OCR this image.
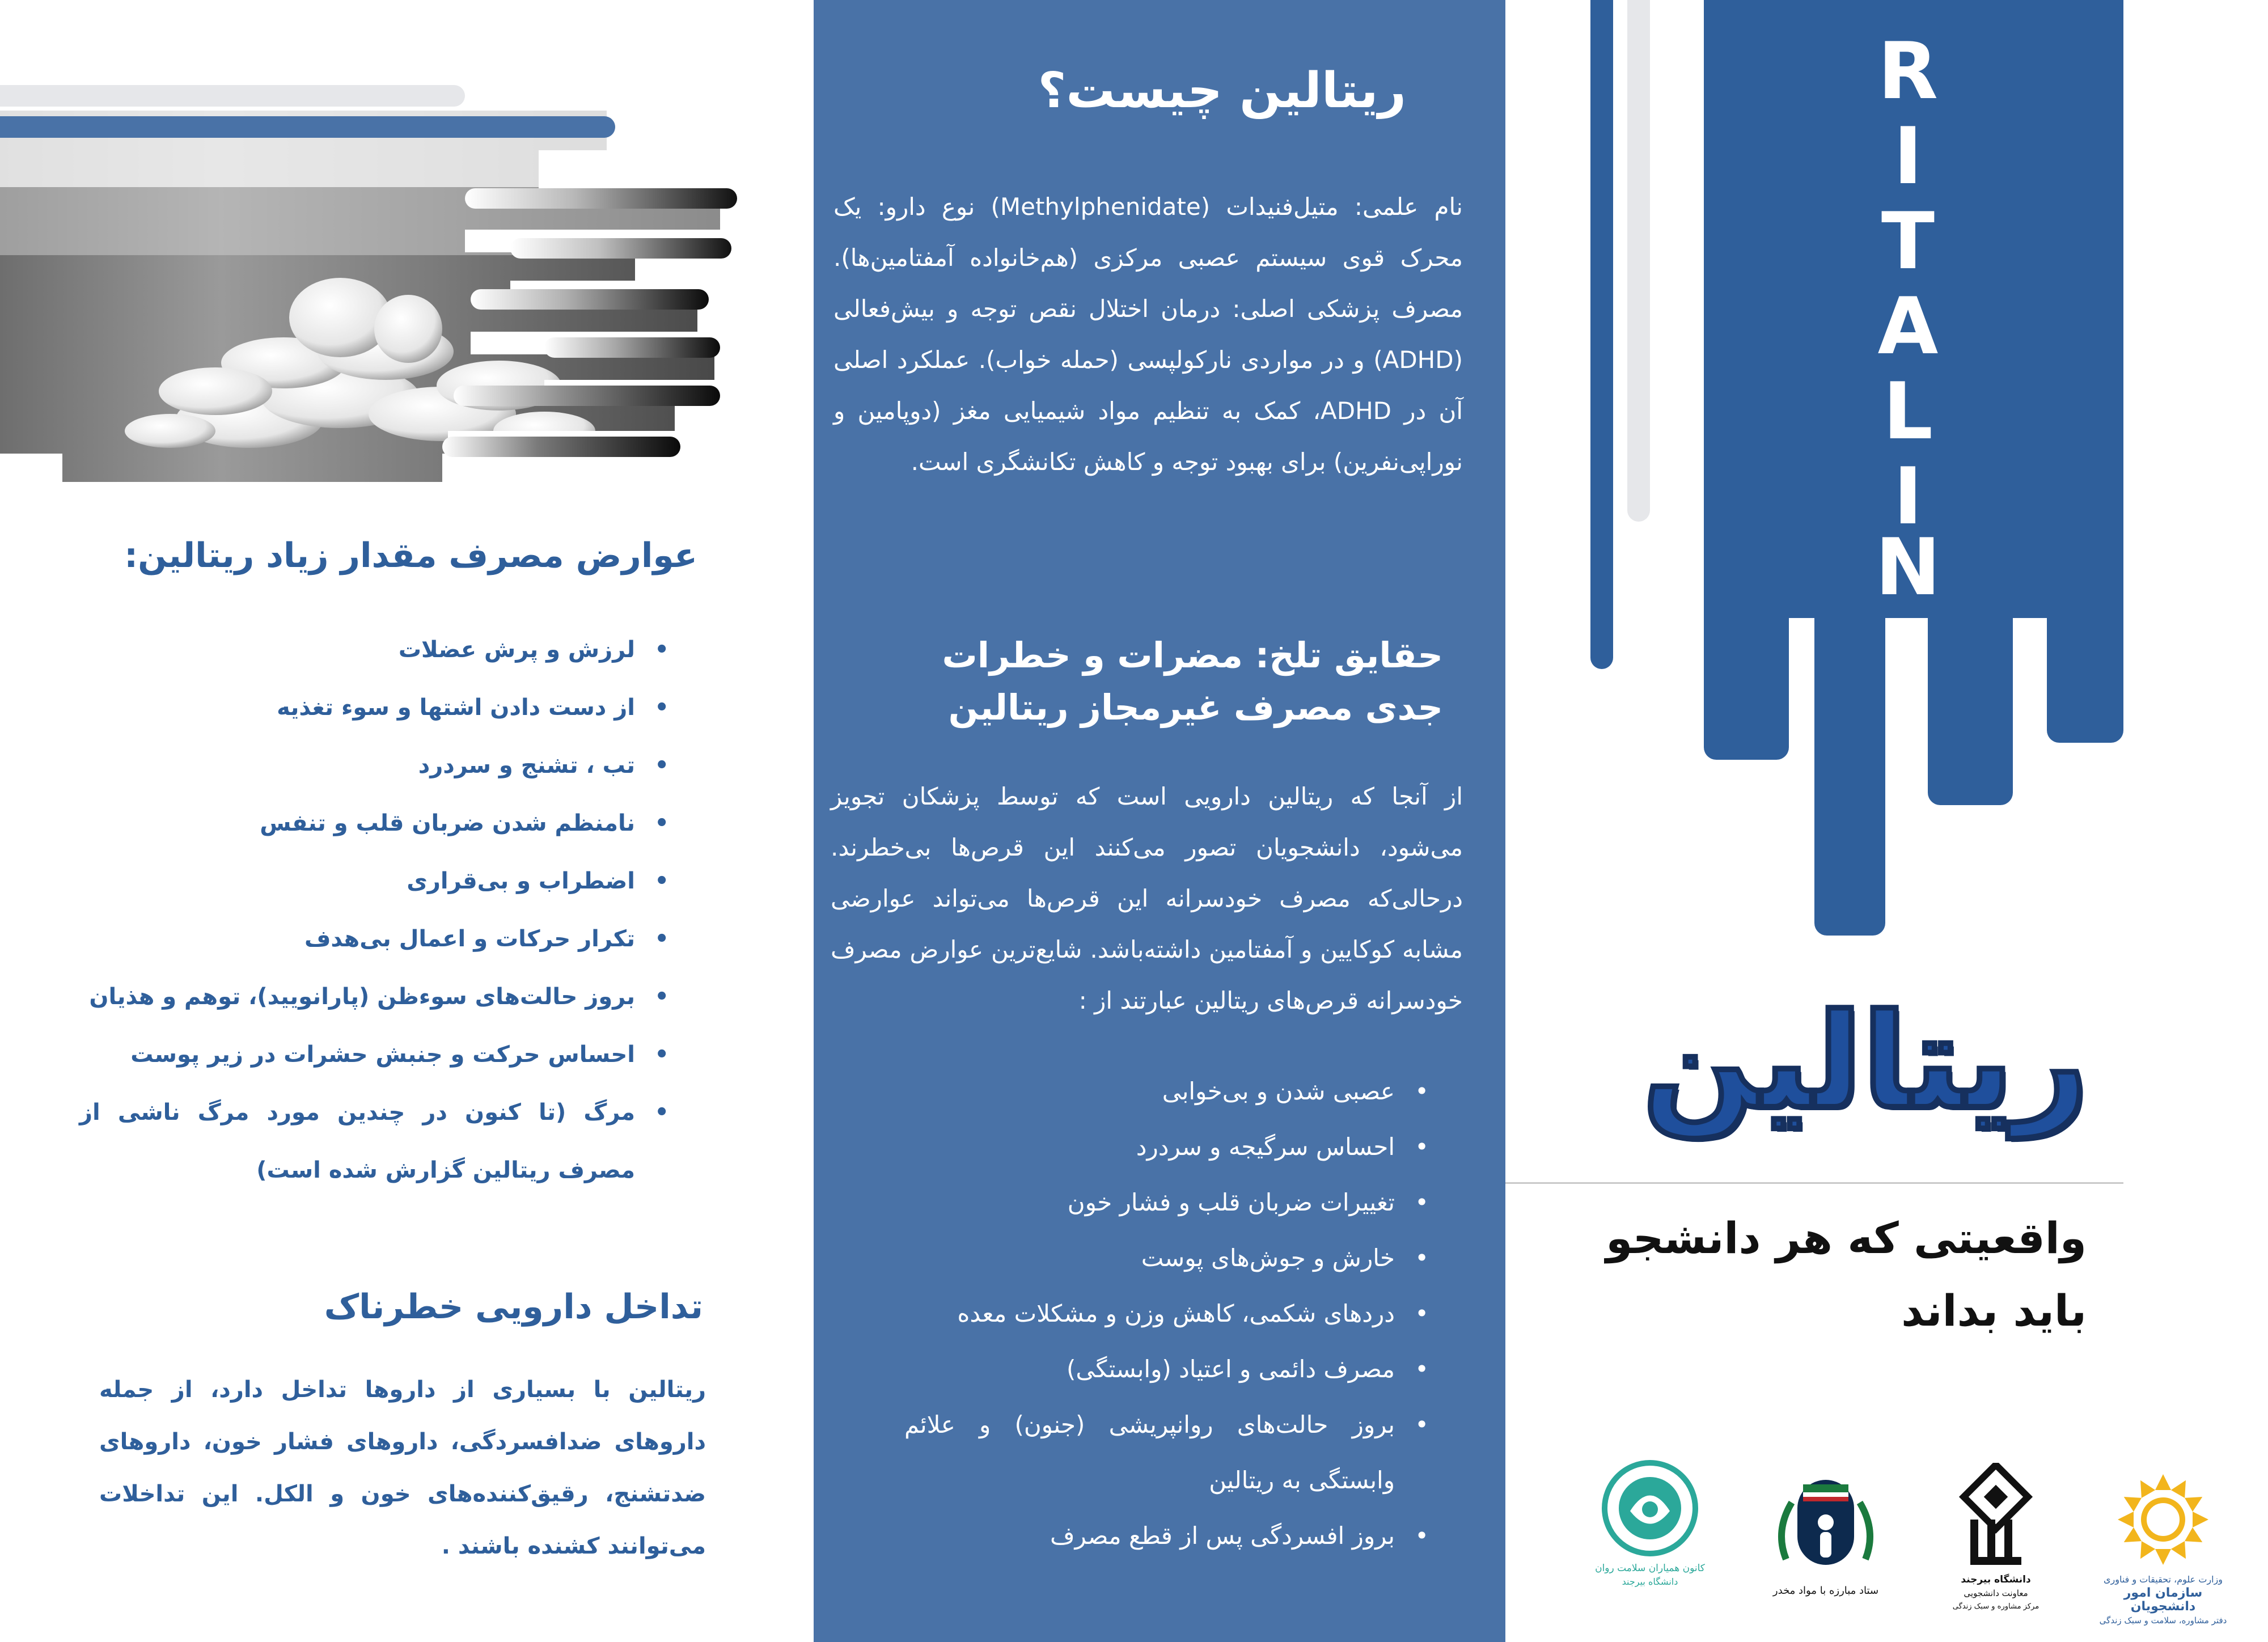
عوارض مصرف مقدار زیاد ریتالین:
• لرزش و پرش عضلات
• از دست دادن اشتها و سوء تغذیه
• تب ، تشنج و سردرد
• نامنظم شدن ضربان قلب و تنفس
• اضطراب و بی‌قراری
• تکرار حرکات و اعمال بی‌هدف
• بروز حالت‌های سوءظن (پارانویید)، توهم و هذیان
• احساس حرکت و جنبش حشرات در زیر پوست
• مرگ (تا کنون در چندین مورد مرگ ناشی از مصرف ریتالین گزارش شده است)
تداخل دارویی خطرناک
ریتالین با بسیاری از داروها تداخل دارد، از جمله داروهای ضدافسردگی، داروهای فشار خون، داروهای ضدتشنج، رقیق‌کننده‌های خون و الکل. این تداخلات می‌توانند کشنده باشند .
ریتالین چیست؟
نام علمی: متیل‌فنیدات (Methylphenidate) نوع دارو: یک محرک قوی سیستم عصبی مرکزی (هم‌خانواده آمفتامین‌ها). مصرف پزشکی اصلی: درمان اختلال نقص توجه و بیش‌فعالی (ADHD) و در مواردی نارکولپسی (حمله خواب). عملکرد اصلی آن در ADHD، کمک به تنظیم مواد شیمیایی مغز (دوپامین و نوراپی‌نفرین) برای بهبود توجه و کاهش تکانشگری است.
حقایق تلخ: مضرات و خطرات
جدی مصرف غیرمجاز ریتالین
از آنجا که ریتالین دارویی است که توسط پزشکان تجویز می‌شود، دانشجویان تصور می‌کنند این قرص‌ها بی‌خطرند. درحالی‌که مصرف خودسرانه این قرص‌ها می‌تواند عوارضی مشابه کوکایین و آمفتامین داشته‌باشد. شایع‌ترین عوارض مصرف خودسرانه قرص‌های ریتالین عبارتند از :
• عصبی شدن و بی‌خوابی
• احساس سرگیجه و سردرد
• تغییرات ضربان قلب و فشار خون
• خارش و جوش‌های پوست
• دردهای شکمی، کاهش وزن و مشکلات معده
• مصرف دائمی و اعتیاد (وابستگی)
• بروز حالت‌های روانپریشی (جنون) و علائم وابستگی به ریتالین
• بروز افسردگی پس از قطع مصرف
R
I
T
A
L
I
N
ریتالین
واقعیتی که هر دانشجو
باید بداند
وزارت علوم، تحقیقات و فناوری
سازمان امور دانشجویان
دفتر مشاوره، سلامت و سبک زندگی
دانشگاه بیرجند
معاونت دانشجویی
مرکز مشاوره و سبک زندگی
ستاد مبارزه با مواد مخدر
کانون همیاران سلامت روان
دانشگاه بیرجند
